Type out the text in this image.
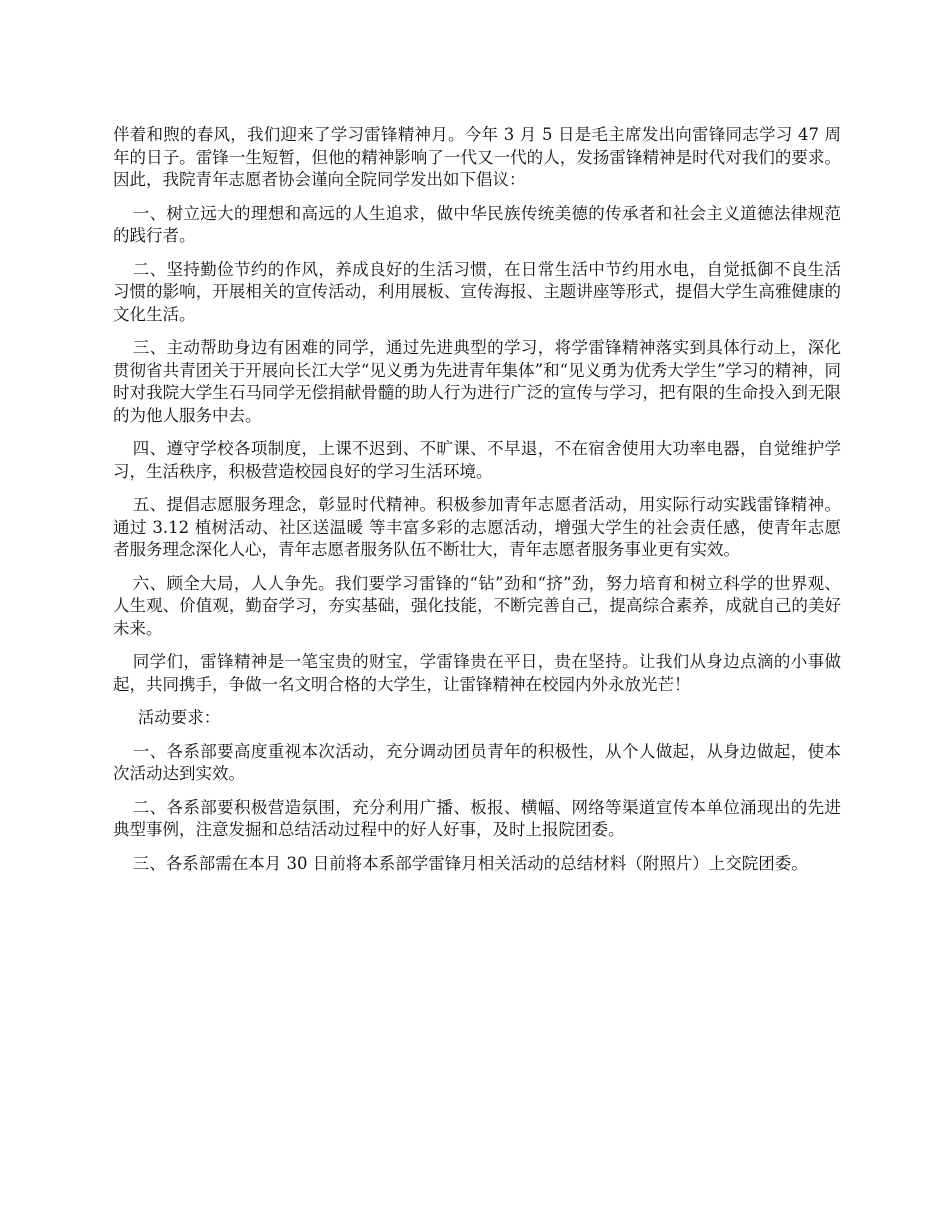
伴着和煦的春风，我们迎来了学习雷锋精神月。今年 3 月 5 日是毛主席发出向雷锋同志学习 47 周年的日子。雷锋一生短暂，但他的精神影响了一代又一代的人，发扬雷锋精神是时代对我们的要求。因此，我院青年志愿者协会谨向全院同学发出如下倡议：

一、树立远大的理想和高远的人生追求，做中华民族传统美德的传承者和社会主义道德法律规范的践行者。

二、坚持勤俭节约的作风，养成良好的生活习惯，在日常生活中节约用水电，自觉抵御不良生活习惯的影响，开展相关的宣传活动，利用展板、宣传海报、主题讲座等形式，提倡大学生高雅健康的文化生活。

三、主动帮助身边有困难的同学，通过先进典型的学习，将学雷锋精神落实到具体行动上，深化贯彻省共青团关于开展向长江大学“见义勇为先进青年集体”和“见义勇为优秀大学生”学习的精神，同时对我院大学生石马同学无偿捐献骨髓的助人行为进行广泛的宣传与学习，把有限的生命投入到无限的为他人服务中去。

四、遵守学校各项制度，上课不迟到、不旷课、不早退，不在宿舍使用大功率电器，自觉维护学习，生活秩序，积极营造校园良好的学习生活环境。

五、提倡志愿服务理念，彰显时代精神。积极参加青年志愿者活动，用实际行动实践雷锋精神。通过 3.12 植树活动、社区送温暖 等丰富多彩的志愿活动，增强大学生的社会责任感，使青年志愿者服务理念深化人心，青年志愿者服务队伍不断壮大，青年志愿者服务事业更有实效。

六、顾全大局，人人争先。我们要学习雷锋的“钻”劲和“挤”劲，努力培育和树立科学的世界观、人生观、价值观，勤奋学习，夯实基础，强化技能，不断完善自己，提高综合素养，成就自己的美好未来。

同学们，雷锋精神是一笔宝贵的财宝，学雷锋贵在平日，贵在坚持。让我们从身边点滴的小事做起，共同携手，争做一名文明合格的大学生，让雷锋精神在校园内外永放光芒！

活动要求：

一、各系部要高度重视本次活动，充分调动团员青年的积极性，从个人做起，从身边做起，使本次活动达到实效。

二、各系部要积极营造氛围，充分利用广播、板报、横幅、网络等渠道宣传本单位涌现出的先进典型事例，注意发掘和总结活动过程中的好人好事，及时上报院团委。

三、各系部需在本月 30 日前将本系部学雷锋月相关活动的总结材料（附照片）上交院团委。
